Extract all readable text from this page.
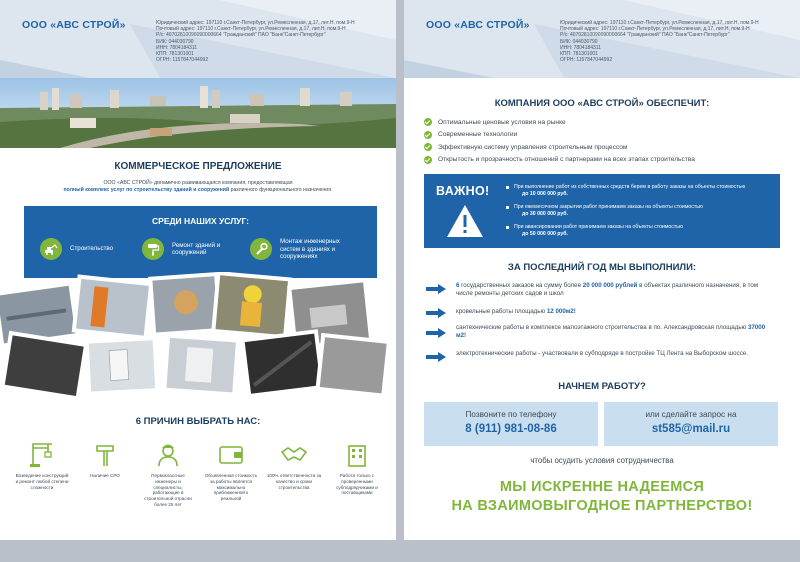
ООО «АВС СТРОЙ»	Юридический адрес: 197110 г.Санкт-Петербург, ул.Ремесленная, д.17, лит.Н, пом.9-Н
Почтовый адрес: 197110 г.Санкт-Петербург, ул.Ремесленная, д.17, лит.Н, пом.9-Н
Р/с: 40702810090090000664 "Гражданский" ПАО "Банк"Санкт-Петербург"
БИК: 044030790
ИНН: 7804184311
КПП: 781301001
ОГРН: 1157847044992
КОММЕРЧЕСКОЕ ПРЕДЛОЖЕНИЕ
ООО «АВС СТРОЙ» динамично развивающаяся компания, предоставляющая
полный комплекс услуг по строительству зданий и сооружений различного функционального назначения.
СРЕДИ НАШИХ УСЛУГ:
Строительство
Ремонт зданий и сооружений
Монтаж инженерных систем в зданиях и сооружениях
6 ПРИЧИН ВЫБРАТЬ НАС:
Возведение конструкций и ремонт любой степени сложности
Наличие СРО	Первоклассные инженеры и специалисты, работающие в строительной отрасли более 25 лет
Объявленная стоимость за работы является максимально приближенной к реальной
100% ответственности за качество и сроки строительства
Работа только с проверенными субподрядчиками и поставщиками
ООО «АВС СТРОЙ»	Юридический адрес: 197110 г.Санкт-Петербург, ул.Ремесленная, д.17, лит.Н, пом.9-Н
Почтовый адрес: 197110 г.Санкт-Петербург, ул.Ремесленная, д.17, лит.Н, пом.9-Н
Р/с: 40702810090090000664 "Гражданский" ПАО "Банк"Санкт-Петербург"
БИК: 044030790
ИНН: 7804184311
КПП: 781301001
ОГРН: 1157847044992
КОМПАНИЯ ООО «АВС СТРОЙ» ОБЕСПЕЧИТ:
Оптимальные ценовые условия на рынке
Современные технологии
Эффективную систему управления строительным процессом
Открытость и прозрачность отношений с партнерами на всех этапах строительства
ВАЖНО!	При выполнение работ из собственных средств берем в работу заказы на объекты стоимостью
до 10 000 000 руб.
При ежемесячном закрытии работ принимаем заказы на объекты стоимостью
до 30 000 000 руб.
При авансировании работ принимаем заказы на объекты стоимостью
до 50 000 000 руб.
ЗА ПОСЛЕДНИЙ ГОД МЫ ВЫПОЛНИЛИ:
6 государственных заказов на сумму более 20 000 000 рублей в объектах различного назначения, в том числе ремонты детских садов и школ
кровельные работы площадью 12 000м2!
сантехнические работы в комплексе малоэтажного строительства в по. Александровская площадью 37000 м2!
электротехнические работы - участвовали в субподряде в постройке ТЦ Лента на Выборском шоссе.
НАЧНЕМ РАБОТУ?
Позвоните по телефону
8 (911) 981-08-86
или сделайте запрос на
st585@mail.ru
чтобы осудить условия сотрудничества
МЫ ИСКРЕННЕ НАДЕЕМСЯ
НА ВЗАИМОВЫГОДНОЕ ПАРТНЕРСТВО!
